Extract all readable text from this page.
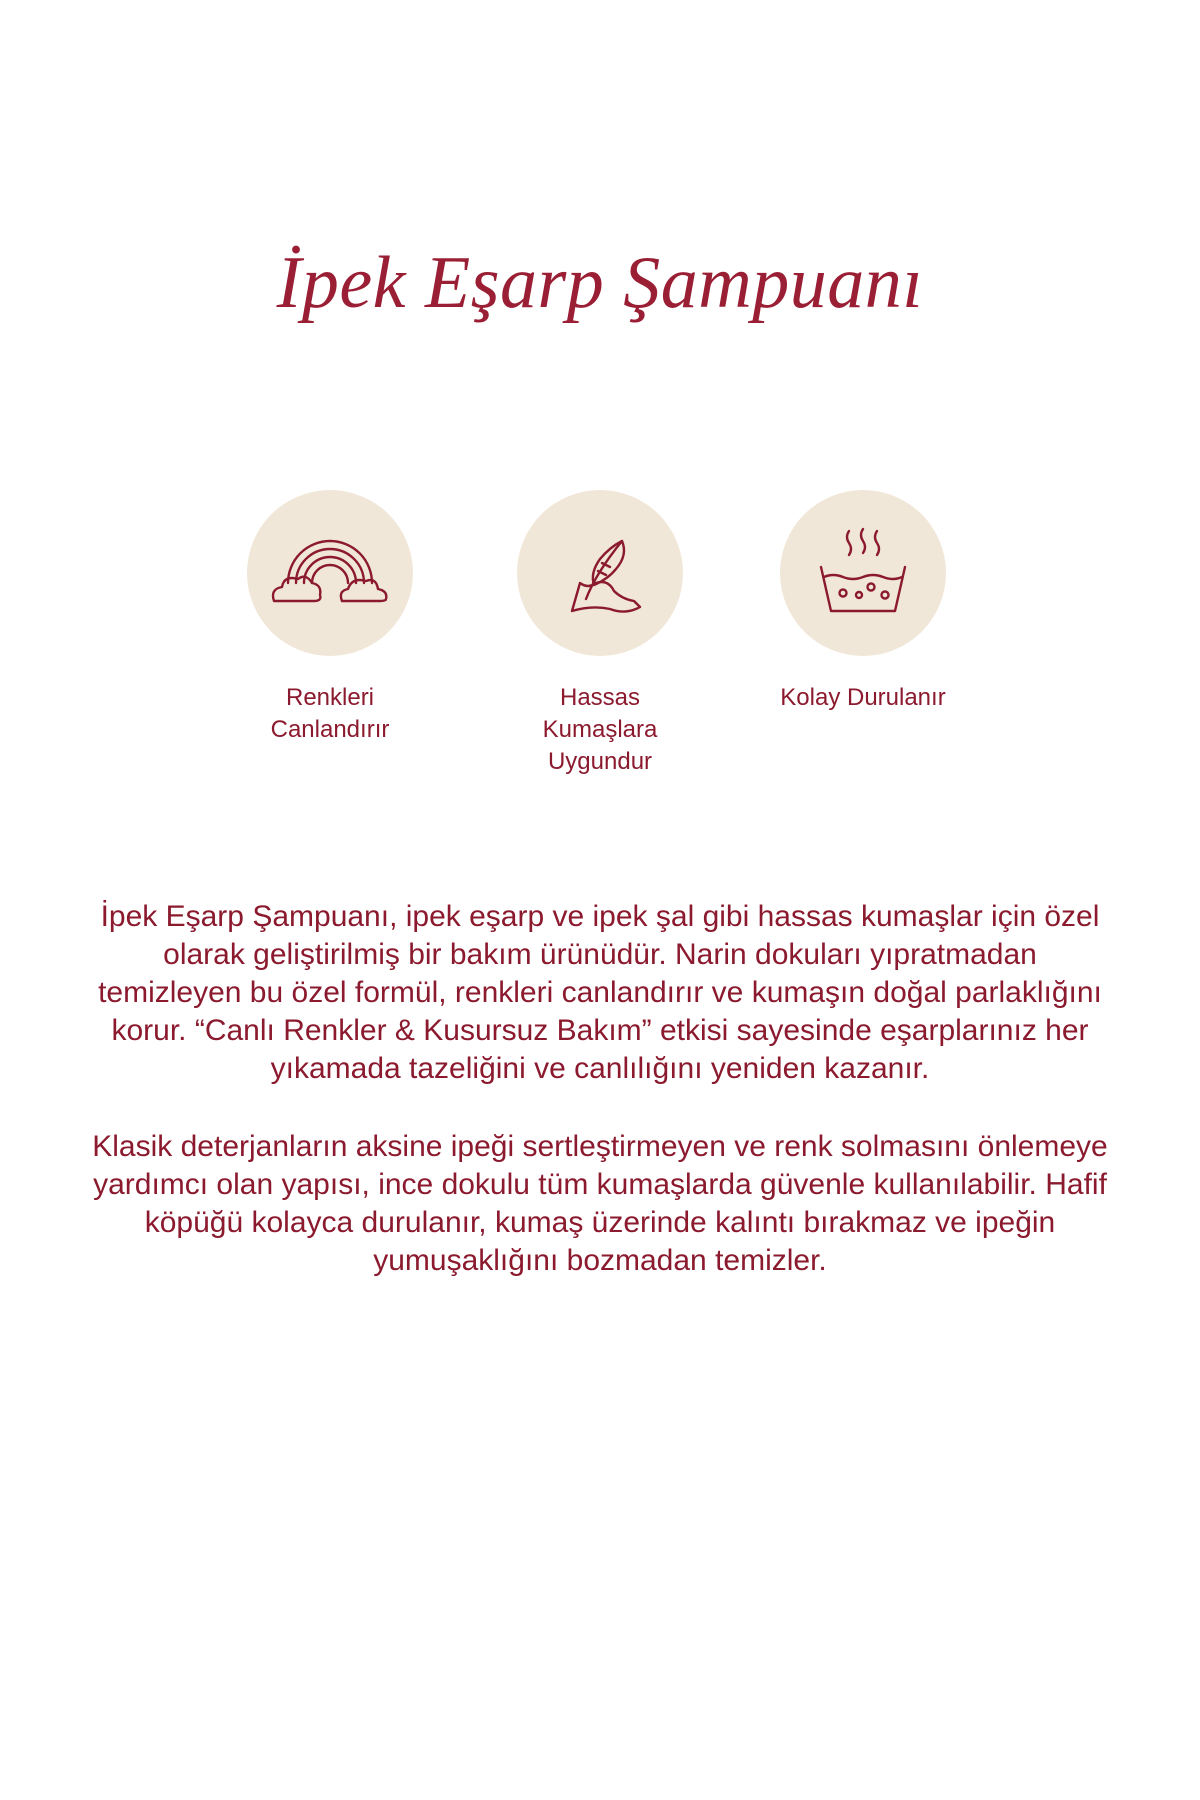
İpek Eşarp Şampuanı
Renkleri Canlandırır
Hassas Kumaşlara Uygundur
Kolay Durulanır

İpek Eşarp Şampuanı, ipek eşarp ve ipek şal gibi hassas kumaşlar için özel olarak geliştirilmiş bir bakım ürünüdür. Narin dokuları yıpratmadan temizleyen bu özel formül, renkleri canlandırır ve kumaşın doğal parlaklığını korur. “Canlı Renkler & Kusursuz Bakım” etkisi sayesinde eşarplarınız her yıkamada tazeliğini ve canlılığını yeniden kazanır.

Klasik deterjanların aksine ipeği sertleştirmeyen ve renk solmasını önlemeye yardımcı olan yapısı, ince dokulu tüm kumaşlarda güvenle kullanılabilir. Hafif köpüğü kolayca durulanır, kumaş üzerinde kalıntı bırakmaz ve ipeğin yumuşaklığını bozmadan temizler.
